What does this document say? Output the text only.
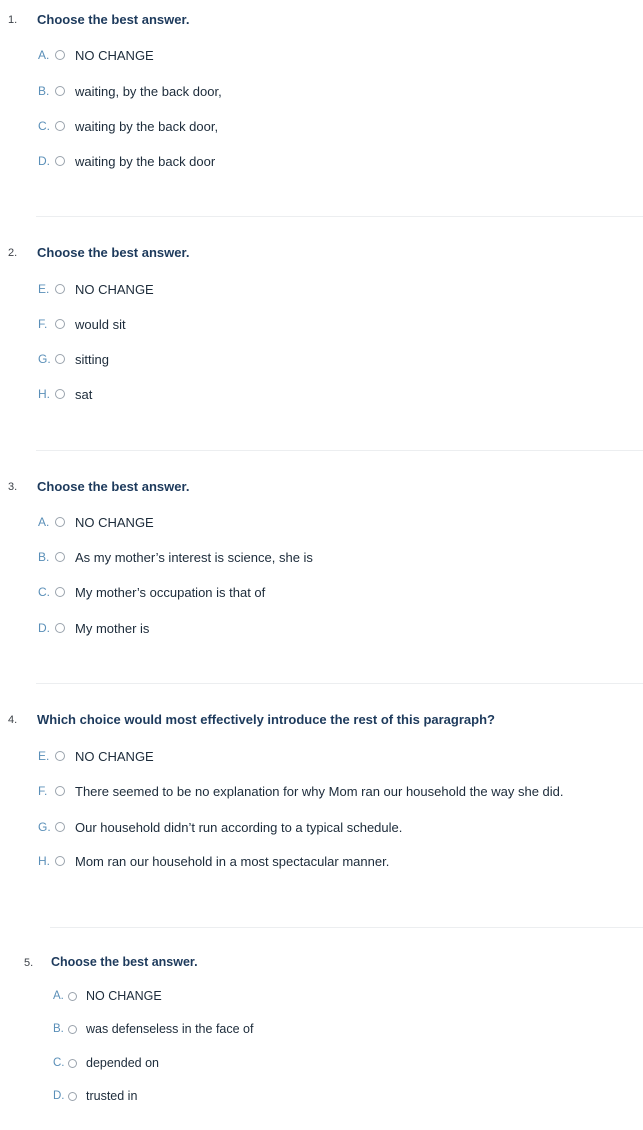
1. Choose the best answer.
A.	NO CHANGE
B.	waiting, by the back door,
C.	waiting by the back door,
D.	waiting by the back door
2. Choose the best answer.
E.	NO CHANGE
F.	would sit
G.	sitting
H.	sat
3. Choose the best answer.
A.	NO CHANGE
B.	As my mother’s interest is science, she is
C.	My mother’s occupation is that of
D.	My mother is
4. Which choice would most effectively introduce the rest of this paragraph?
E.	NO CHANGE
F.	There seemed to be no explanation for why Mom ran our household the way she did.
G.	Our household didn’t run according to a typical schedule.
H.	Mom ran our household in a most spectacular manner.
5. Choose the best answer.
A.	NO CHANGE
B.	was defenseless in the face of
C. depended on
D. trusted in
